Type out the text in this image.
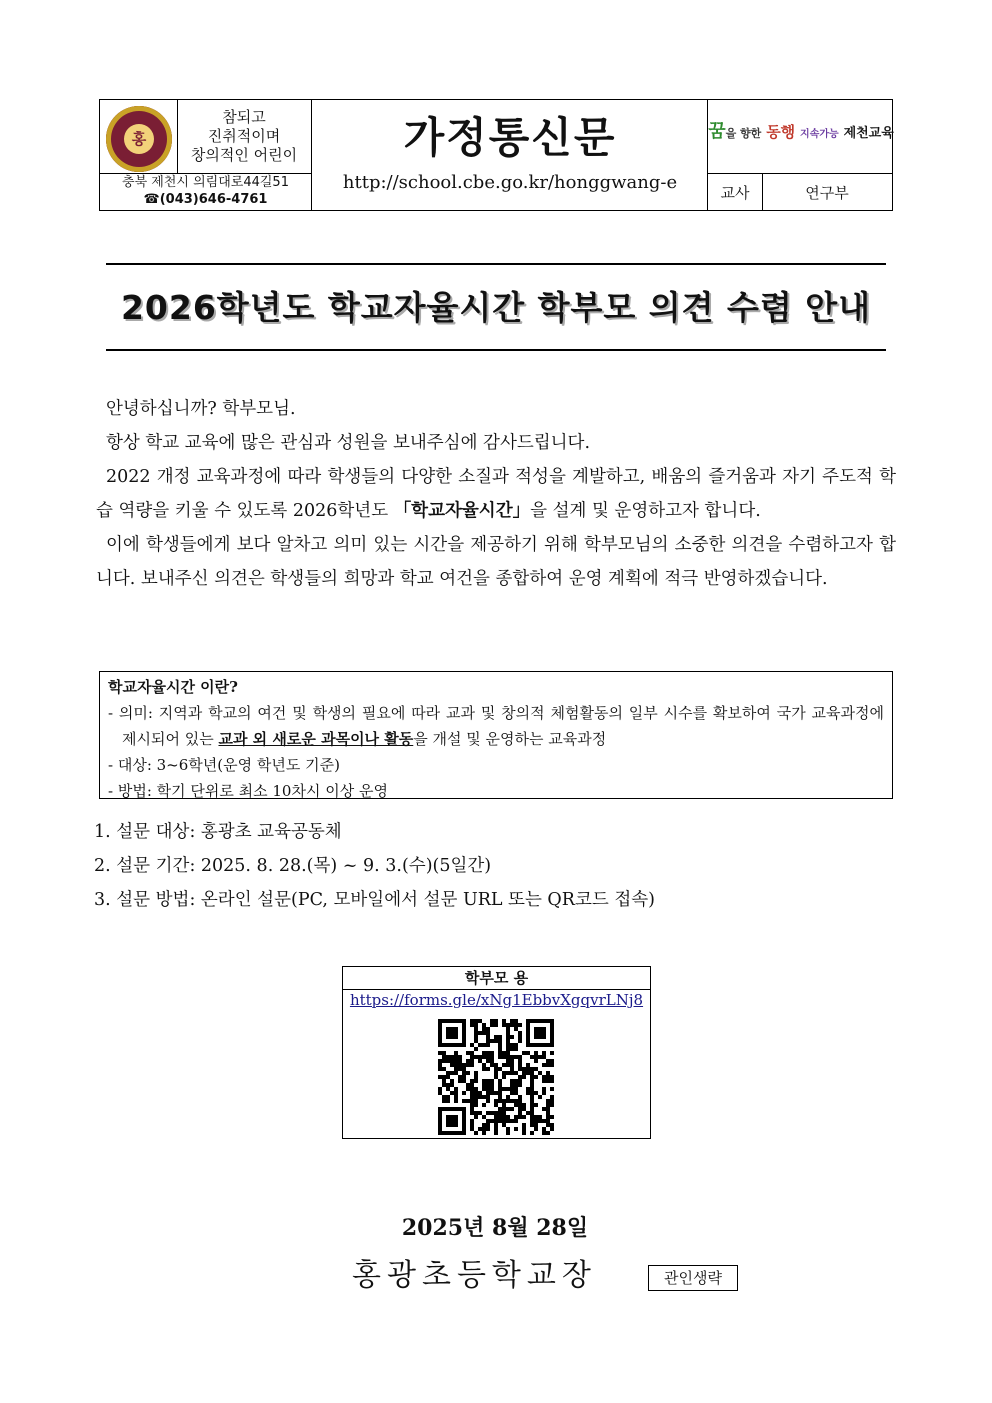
홍
참되고
진취적이며
창의적인 어린이
충북 제천시 의림대로44길51
☎(043)646-4761
가정통신문
http://school.cbe.go.kr/honggwang-e
꿈을 향한 동행 지속가능 제천교육
교사	연구부
2026학년도 학교자율시간 학부모 의견 수렴 안내

안녕하십니까? 학부모님.

항상 학교 교육에 많은 관심과 성원을 보내주심에 감사드립니다.

2022 개정 교육과정에 따라 학생들의 다양한 소질과 적성을 계발하고, 배움의 즐거움과 자기 주도적 학습 역량을 키울 수 있도록 2026학년도 「학교자율시간」을 설계 및 운영하고자 합니다.

이에 학생들에게 보다 알차고 의미 있는 시간을 제공하기 위해 학부모님의 소중한 의견을 수렴하고자 합니다. 보내주신 의견은 학생들의 희망과 학교 여건을 종합하여 운영 계획에 적극 반영하겠습니다.

학교자율시간 이란?

- 의미: 지역과 학교의 여건 및 학생의 필요에 따라 교과 및 창의적 체험활동의 일부 시수를 확보하여 국가 교육과정에 제시되어 있는 교과 외 새로운 과목이나 활동을 개설 및 운영하는 교육과정

- 대상: 3~6학년(운영 학년도 기준)

- 방법: 학기 단위로 최소 10차시 이상 운영

1. 설문 대상: 홍광초 교육공동체

2. 설문 기간: 2025. 8. 28.(목) ~ 9. 3.(수)(5일간)

3. 설문 방법: 온라인 설문(PC, 모바일에서 설문 URL 또는 QR코드 접속)

학부모 용
https://forms.gle/xNg1EbbvXgqvrLNj8
2025년 8월 28일
홍광초등학교장	관인생략
